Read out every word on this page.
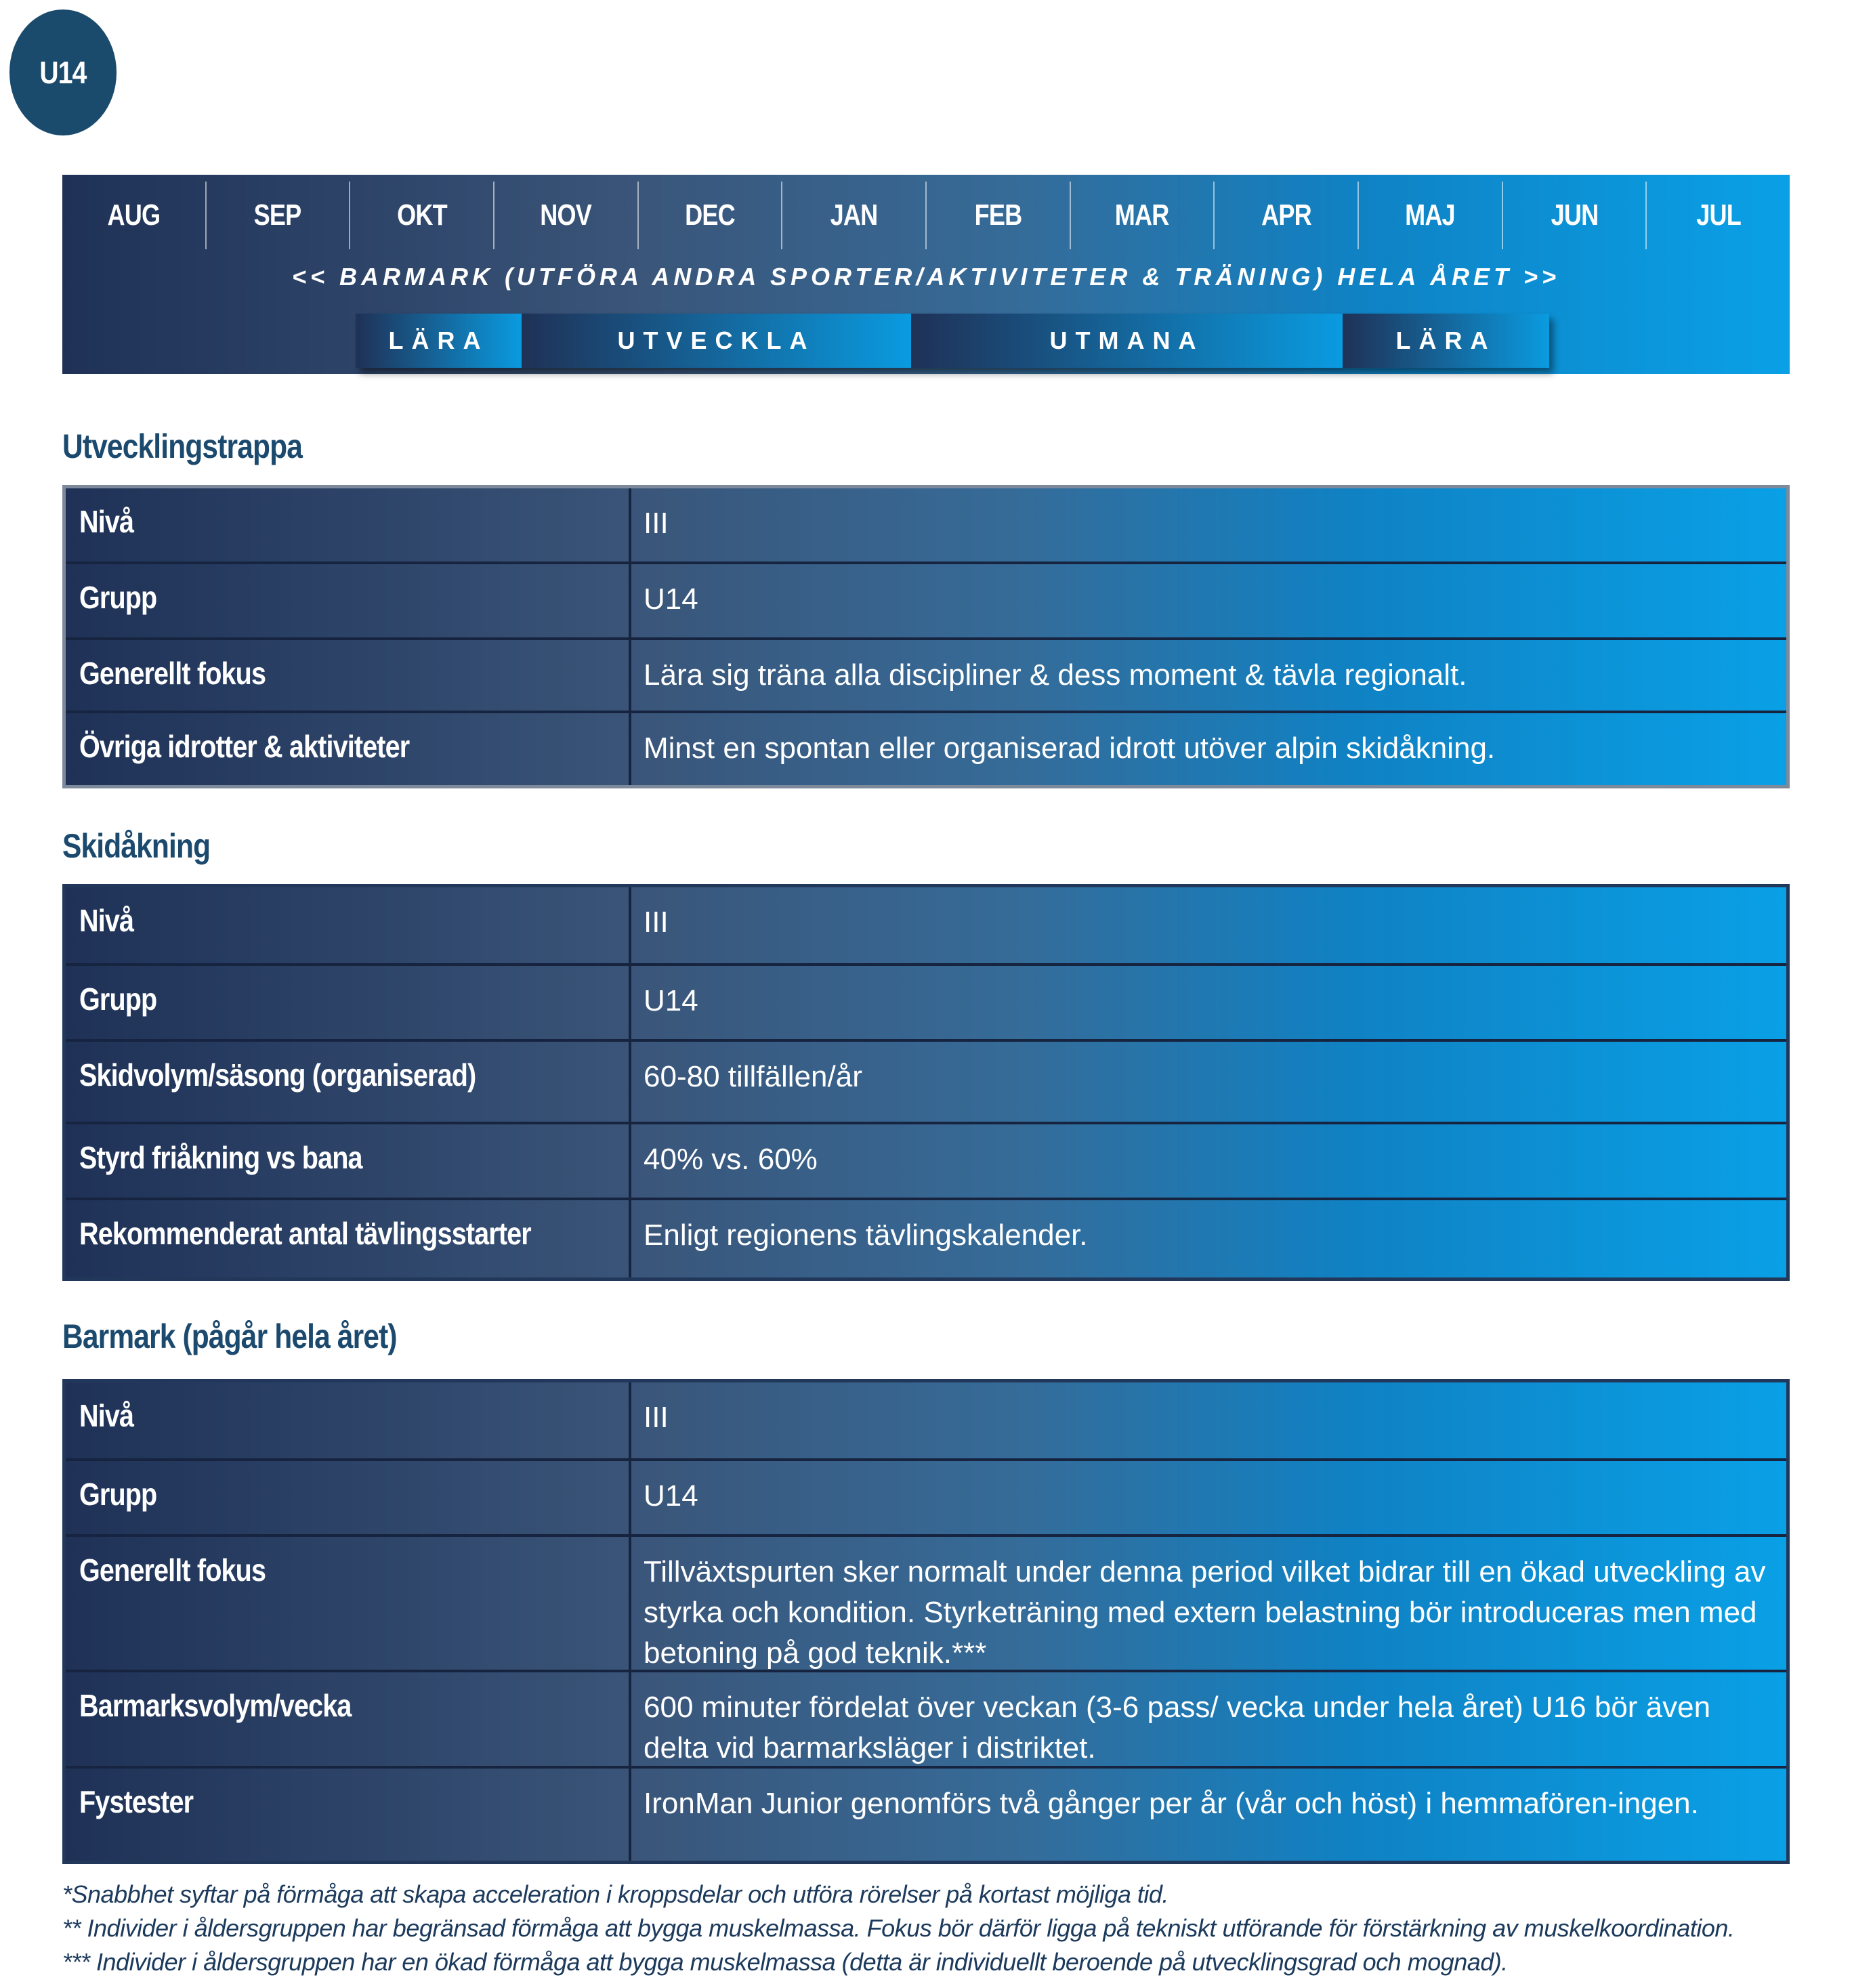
U14
AUG	SEP	OKT	NOV	DEC	JAN	FEB	MAR	APR	MAJ	JUN	JUL
<< BARMARK (UTFÖRA ANDRA SPORTER/AKTIVITETER & TRÄNING) HELA ÅRET >>
LÄRA	UTVECKLA	UTMANA	LÄRA
Utvecklingstrappa
Nivå	III
Grupp	U14
Generellt fokus	Lära sig träna alla discipliner & dess moment & tävla regionalt.
Övriga idrotter & aktiviteter	Minst en spontan eller organiserad idrott utöver alpin skidåkning.
Skidåkning
Nivå	III
Grupp	U14
Skidvolym/säsong (organiserad)	60-80 tillfällen/år
Styrd friåkning vs bana	40% vs. 60%
Rekommenderat antal tävlingsstarter	Enligt regionens tävlingskalender.
Barmark (pågår hela året)
Nivå	III
Grupp	U14
Generellt fokus	Tillväxtspurten sker normalt under denna period vilket bidrar till en ökad utveckling av styrka och kondition. Styrketräning med extern belastning bör introduceras men med betoning på god teknik.***
Barmarksvolym/vecka	600 minuter fördelat över veckan (3-6 pass/ vecka under hela året) U16 bör även delta vid barmarksläger i distriktet.
Fystester	IronMan Junior genomförs två gånger per år (vår och höst) i hemmafören-ingen.
*Snabbhet syftar på förmåga att skapa acceleration i kroppsdelar och utföra rörelser på kortast möjliga tid.
** Individer i åldersgruppen har begränsad förmåga att bygga muskelmassa. Fokus bör därför ligga på tekniskt utförande för förstärkning av muskelkoordination.
*** Individer i åldersgruppen har en ökad förmåga att bygga muskelmassa (detta är individuellt beroende på utvecklingsgrad och mognad).
